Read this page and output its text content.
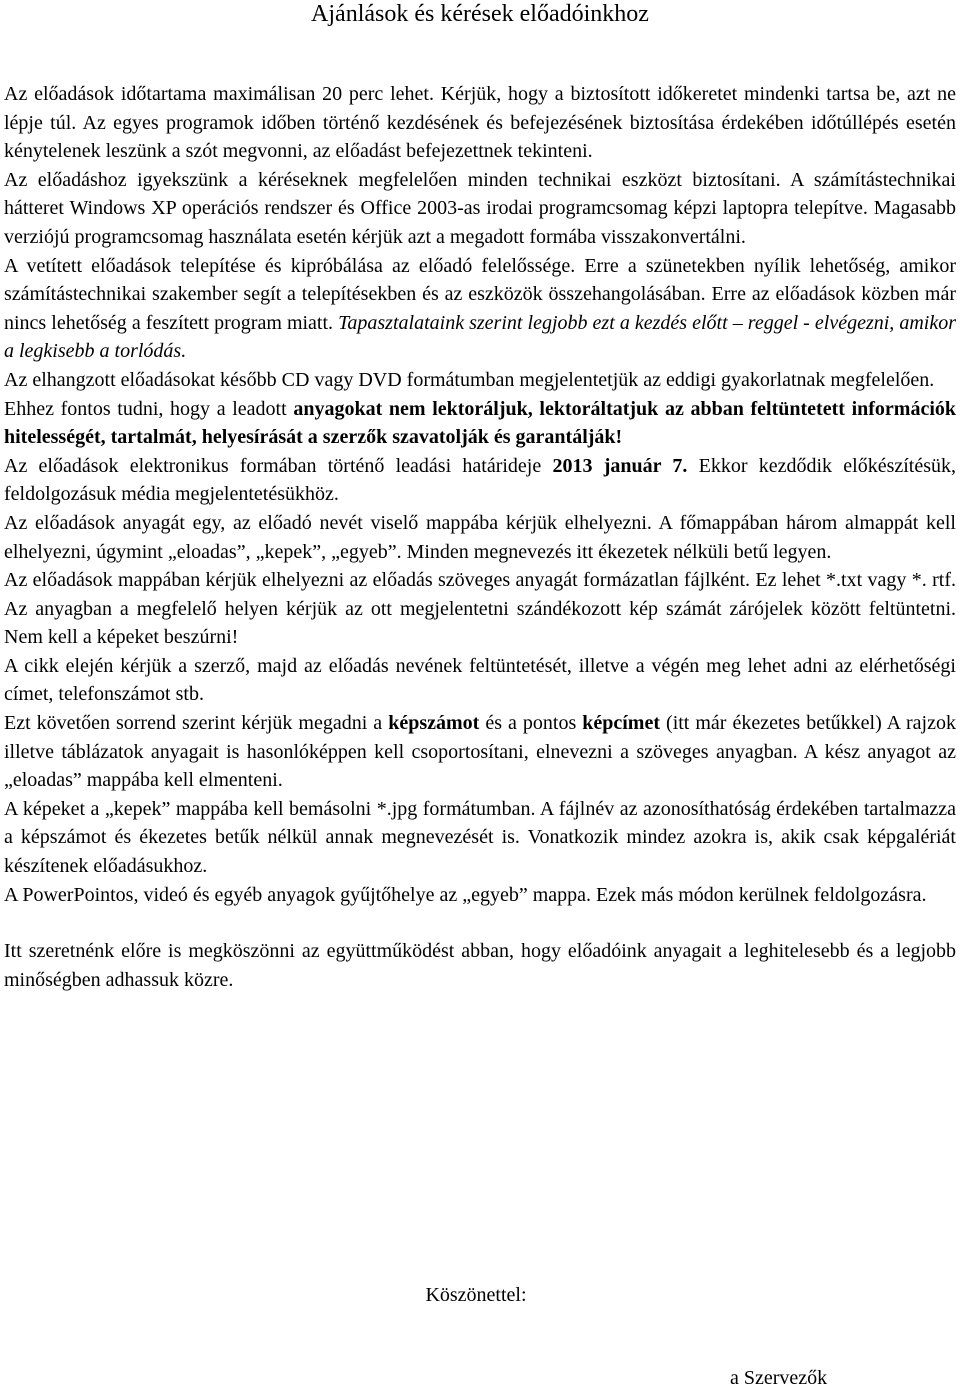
Ajánlások és kérések előadóinkhoz

Az előadások időtartama maximálisan 20 perc lehet. Kérjük, hogy a biztosított időkeretet mindenki tartsa be, azt ne lépje túl. Az egyes programok időben történő kezdésének és befejezésének biztosítása érdekében időtúllépés esetén kénytelenek leszünk a szót megvonni, az előadást befejezettnek tekinteni.

Az előadáshoz igyekszünk a kéréseknek megfelelően minden technikai eszközt biztosítani. A számítástechnikai hátteret Windows XP operációs rendszer és Office 2003-as irodai programcsomag képzi laptopra telepítve. Magasabb verziójú programcsomag használata esetén kérjük azt a megadott formába visszakonvertálni.

A vetített előadások telepítése és kipróbálása az előadó felelőssége. Erre a szünetekben nyílik lehetőség, amikor számítástechnikai szakember segít a telepítésekben és az eszközök összehangolásában. Erre az előadások közben már nincs lehetőség a feszített program miatt. Tapasztalataink szerint legjobb ezt a kezdés előtt – reggel - elvégezni, amikor a legkisebb a torlódás.

Az elhangzott előadásokat később CD vagy DVD formátumban megjelentetjük az eddigi gyakorlatnak megfelelően.

Ehhez fontos tudni, hogy a leadott anyagokat nem lektoráljuk, lektoráltatjuk az abban feltüntetett információk hitelességét, tartalmát, helyesírását a szerzők szavatolják és garantálják!

Az előadások elektronikus formában történő leadási határideje 2013 január 7. Ekkor kezdődik előkészítésük, feldolgozásuk média megjelentetésükhöz.

Az előadások anyagát egy, az előadó nevét viselő mappába kérjük elhelyezni. A főmappában három almappát kell elhelyezni, úgymint „eloadas”, „kepek”, „egyeb”. Minden megnevezés itt ékezetek nélküli betű legyen.

Az előadások mappában kérjük elhelyezni az előadás szöveges anyagát formázatlan fájlként. Ez lehet *.txt vagy *. rtf. Az anyagban a megfelelő helyen kérjük az ott megjelentetni szándékozott kép számát zárójelek között feltüntetni. Nem kell a képeket beszúrni!

A cikk elején kérjük a szerző, majd az előadás nevének feltüntetését, illetve a végén meg lehet adni az elérhetőségi címet, telefonszámot stb.

Ezt követően sorrend szerint kérjük megadni a képszámot és a pontos képcímet (itt már ékezetes betűkkel) A rajzok illetve táblázatok anyagait is hasonlóképpen kell csoportosítani, elnevezni a szöveges anyagban. A kész anyagot az „eloadas” mappába kell elmenteni.

A képeket a „kepek” mappába kell bemásolni *.jpg formátumban. A fájlnév az azonosíthatóság érdekében tartalmazza a képszámot és ékezetes betűk nélkül annak megnevezését is. Vonatkozik mindez azokra is, akik csak képgalériát készítenek előadásukhoz.

A PowerPointos, videó és egyéb anyagok gyűjtőhelye az „egyeb” mappa. Ezek más módon kerülnek feldolgozásra.

Itt szeretnénk előre is megköszönni az együttműködést abban, hogy előadóink anyagait a leghitelesebb és a legjobb minőségben adhassuk közre.

Köszönettel:
a Szervezők
